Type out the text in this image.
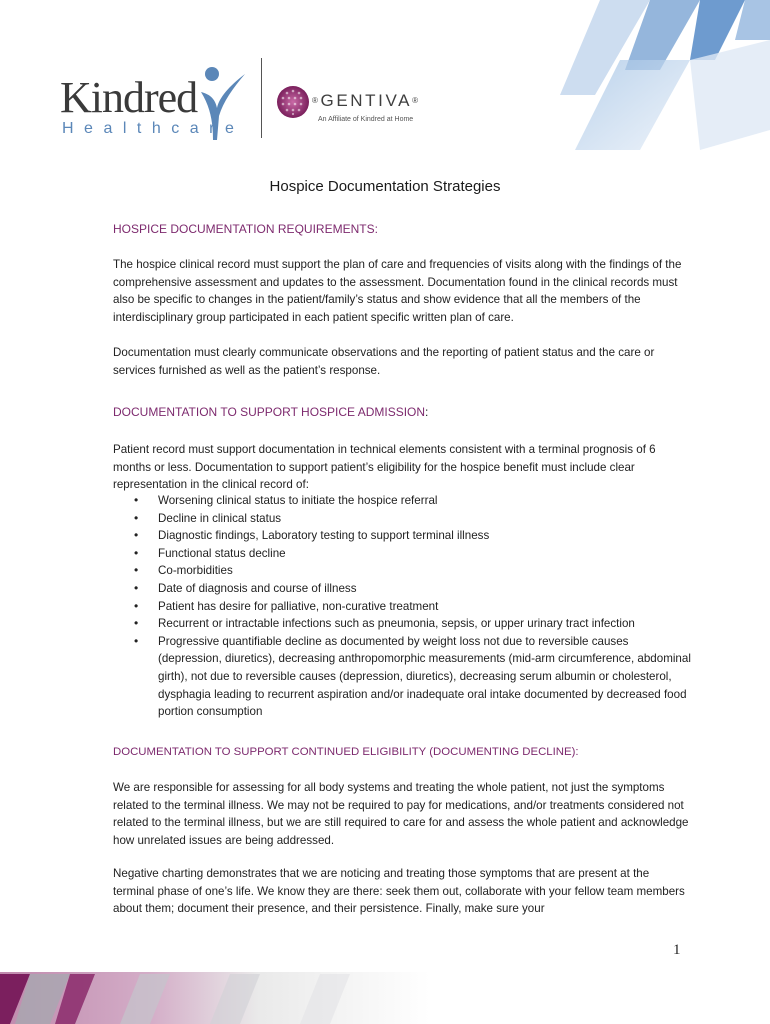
Kindred
Healthcare
®GENTIVA®
An Affiliate of Kindred at Home
Hospice Documentation Strategies
HOSPICE DOCUMENTATION REQUIREMENTS:

The hospice clinical record must support the plan of care and frequencies of visits along with the findings of the comprehensive assessment and updates to the assessment. Documentation found in the clinical records must also be specific to changes in the patient/family’s status and show evidence that all the members of the interdisciplinary group participated in each patient specific written plan of care.

Documentation must clearly communicate observations and the reporting of patient status and the care or services furnished as well as the patient’s response.

DOCUMENTATION TO SUPPORT HOSPICE ADMISSION:

Patient record must support documentation in technical elements consistent with a terminal prognosis of 6 months or less. Documentation to support patient’s eligibility for the hospice benefit must include clear representation in the clinical record of:

• Worsening clinical status to initiate the hospice referral
• Decline in clinical status
• Diagnostic findings, Laboratory testing to support terminal illness
• Functional status decline
• Co-morbidities
• Date of diagnosis and course of illness
• Patient has desire for palliative, non-curative treatment
• Recurrent or intractable infections such as pneumonia, sepsis, or upper urinary tract infection
• Progressive quantifiable decline as documented by weight loss not due to reversible causes (depression, diuretics), decreasing anthropomorphic measurements (mid-arm circumference, abdominal girth), not due to reversible causes (depression, diuretics), decreasing serum albumin or cholesterol, dysphagia leading to recurrent aspiration and/or inadequate oral intake documented by decreased food portion consumption
DOCUMENTATION TO SUPPORT CONTINUED ELIGIBILITY (DOCUMENTING DECLINE):

We are responsible for assessing for all body systems and treating the whole patient, not just the symptoms related to the terminal illness. We may not be required to pay for medications, and/or treatments considered not related to the terminal illness, but we are still required to care for and assess the whole patient and acknowledge how unrelated issues are being addressed.

Negative charting demonstrates that we are noticing and treating those symptoms that are present at the terminal phase of one’s life. We know they are there: seek them out, collaborate with your fellow team members about them; document their presence, and their persistence. Finally, make sure your

1
